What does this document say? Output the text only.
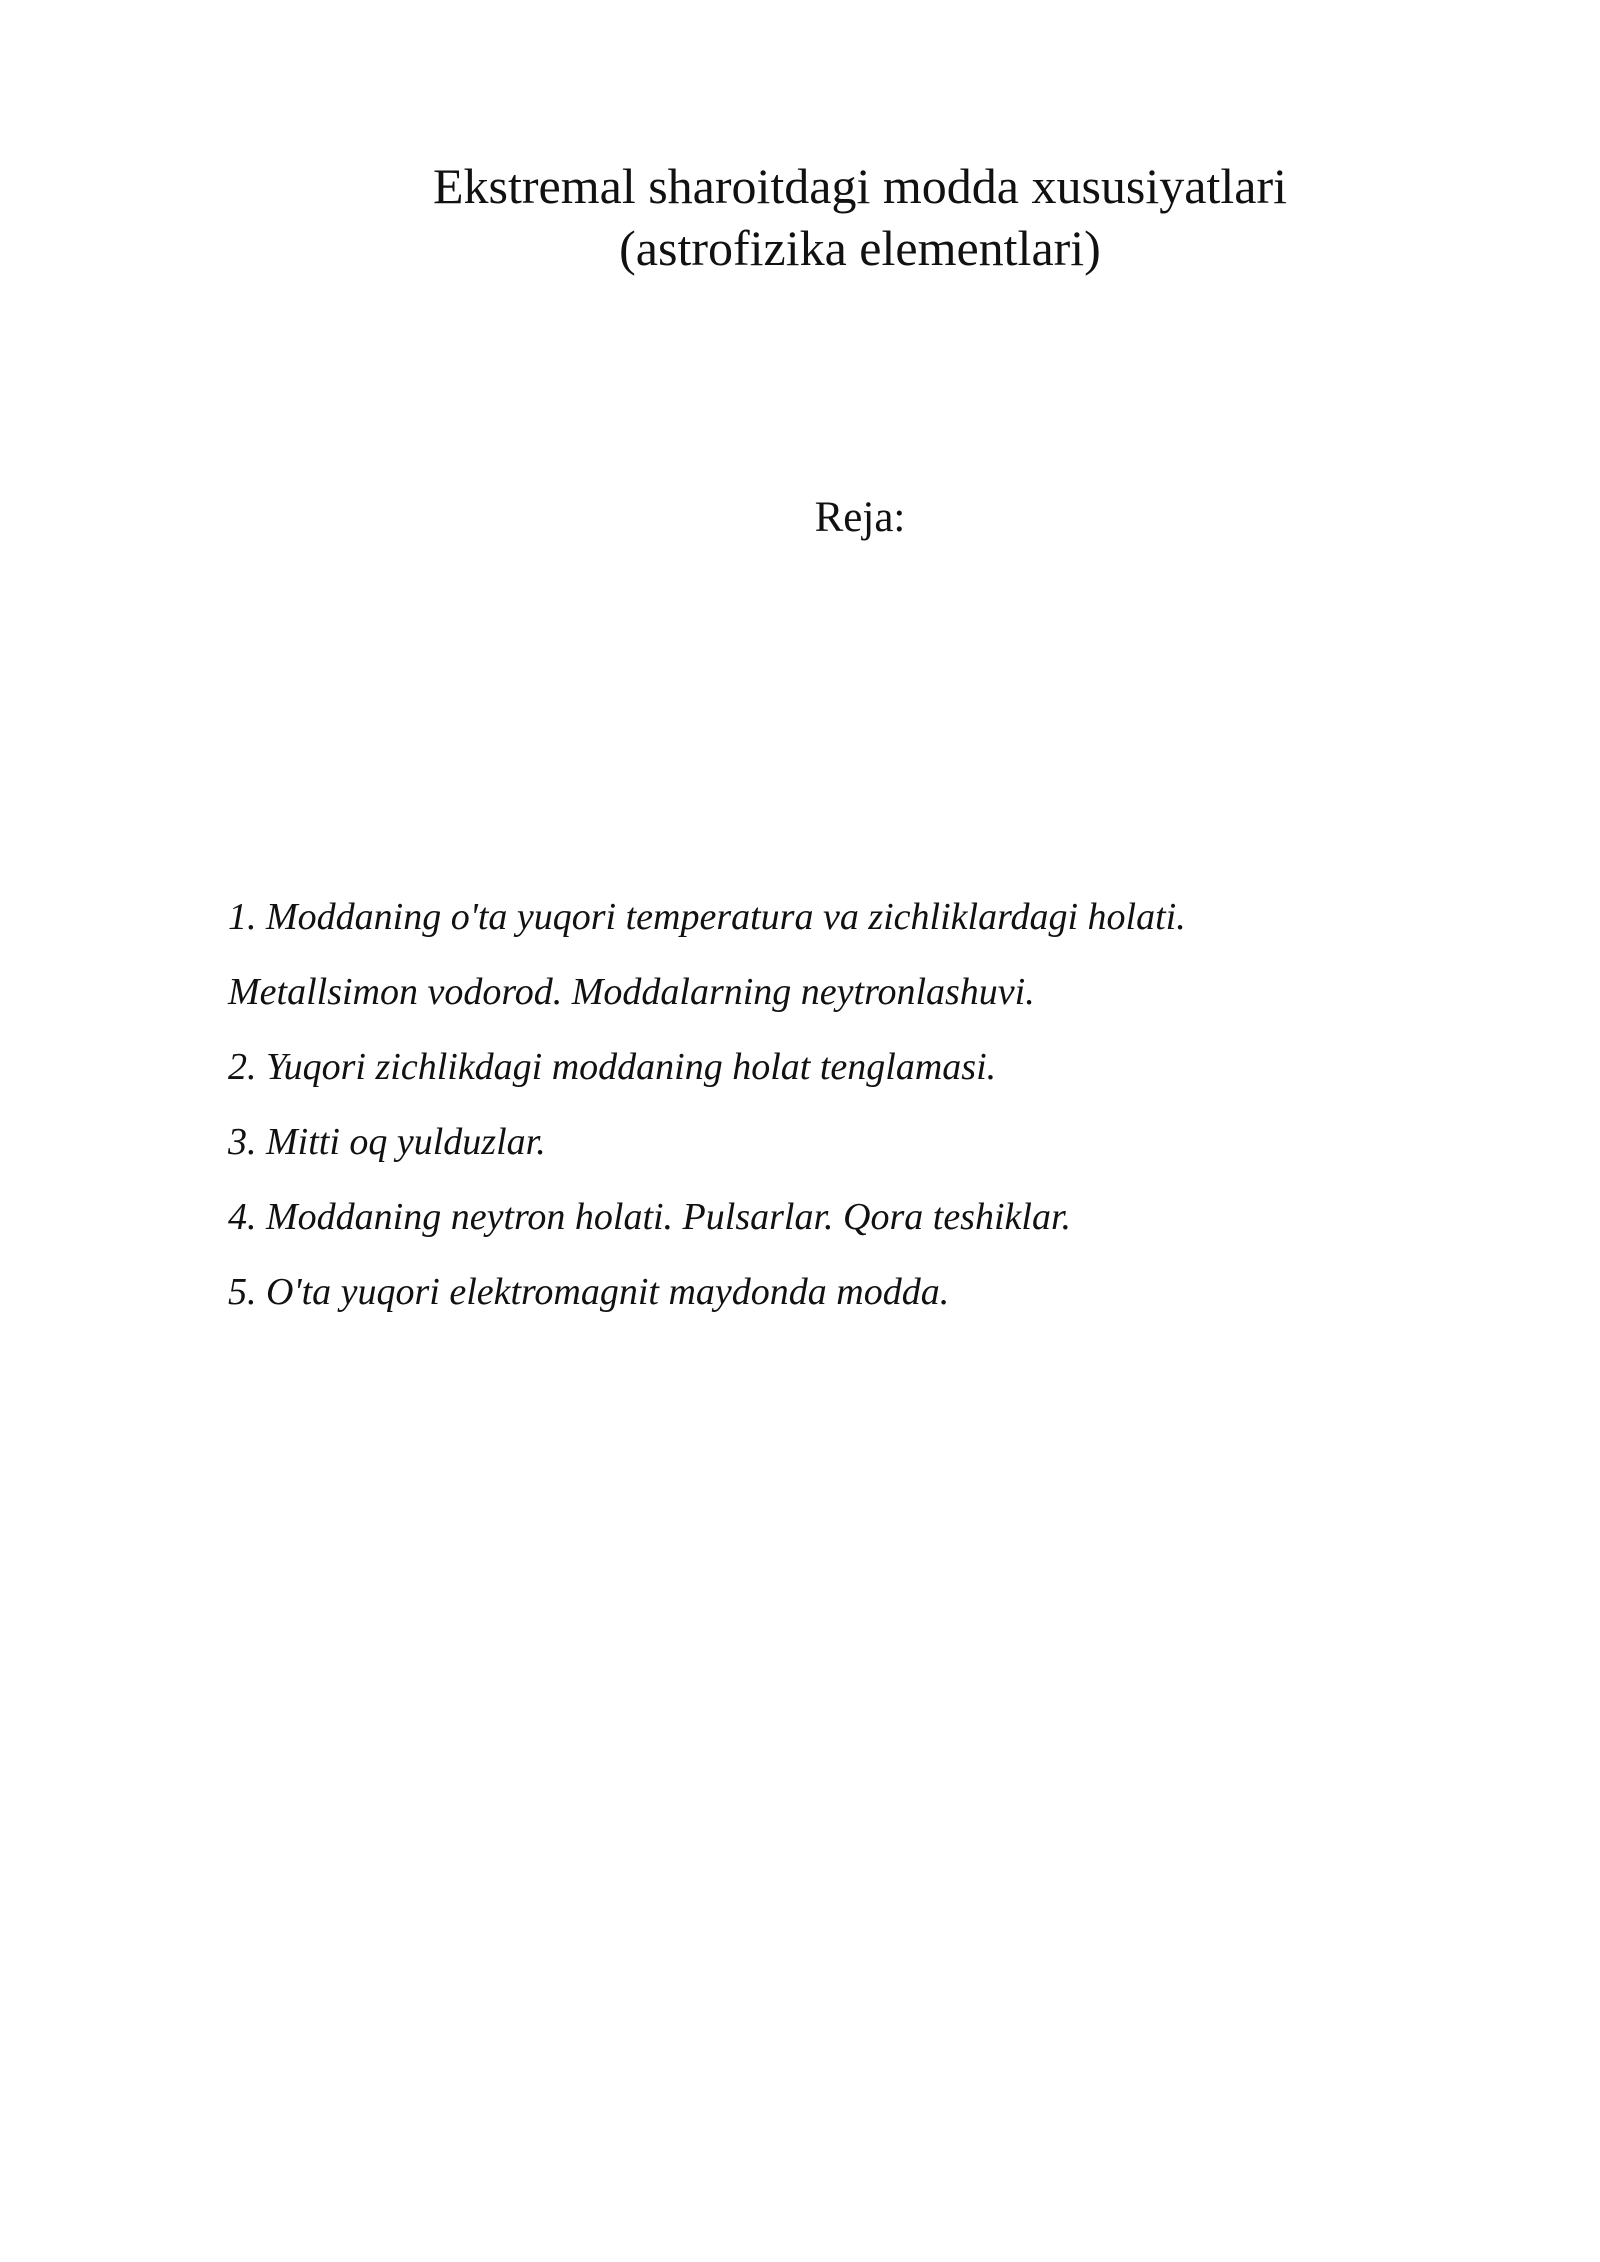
Ekstremal sharoitdagi modda xususiyatlari
(astrofizika elementlari)

Reja:

1. Moddaning o'ta yuqori temperatura va zichliklardagi holati.
Metallsimon vodorod. Moddalarning neytronlashuvi.
2. Yuqori zichlikdagi moddaning holat tenglamasi.
3. Mitti oq yulduzlar.
4. Moddaning neytron holati. Pulsarlar. Qora teshiklar.
5. O'ta yuqori elektromagnit maydonda modda.
